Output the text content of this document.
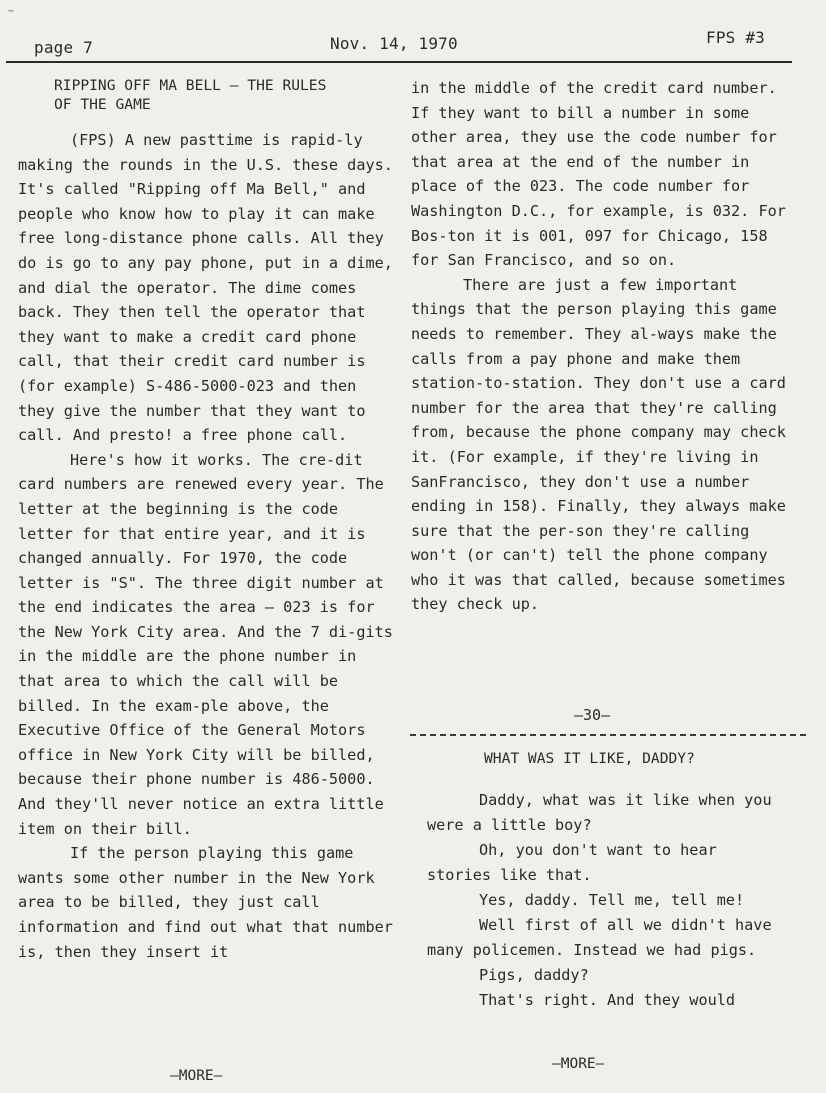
~
page 7	Nov. 14, 1970	FPS #3
RIPPING OFF MA BELL — THE RULES
OF THE GAME

(FPS) A new pasttime is rapid-ly making the rounds in the U.S. these days. It's called "Ripping off Ma Bell," and people who know how to play it can make free long-distance phone calls. All they do is go to any pay phone, put in a dime, and dial the operator. The dime comes back. They then tell the operator that they want to make a credit card phone call, that their credit card number is (for example) S-486-5000-023 and then they give the number that they want to call. And presto! a free phone call.

Here's how it works. The cre-dit card numbers are renewed every year. The letter at the beginning is the code letter for that entire year, and it is changed annually. For 1970, the code letter is "S". The three digit number at the end indicates the area — 023 is for the New York City area. And the 7 di-gits in the middle are the phone number in that area to which the call will be billed. In the exam-ple above, the Executive Office of the General Motors office in New York City will be billed, because their phone number is 486-5000. And they'll never notice an extra little item on their bill.

If the person playing this game wants some other number in the New York area to be billed, they just call information and find out what that number is, then they insert it

—MORE—

in the middle of the credit card number. If they want to bill a number in some other area, they use the code number for that area at the end of the number in place of the 023. The code number for Washington D.C., for example, is 032. For Bos-ton it is 001, 097 for Chicago, 158 for San Francisco, and so on.

There are just a few important things that the person playing this game needs to remember. They al-ways make the calls from a pay phone and make them station-to-station. They don't use a card number for the area that they're calling from, because the phone company may check it. (For example, if they're living in SanFrancisco, they don't use a number ending in 158). Finally, they always make sure that the per-son they're calling won't (or can't) tell the phone company who it was that called, because sometimes they check up.

—30—
WHAT WAS IT LIKE, DADDY?

Daddy, what was it like when you were a little boy?

Oh, you don't want to hear stories like that.

Yes, daddy. Tell me, tell me!

Well first of all we didn't have many policemen. Instead we had pigs.

Pigs, daddy?

That's right. And they would

—MORE—
